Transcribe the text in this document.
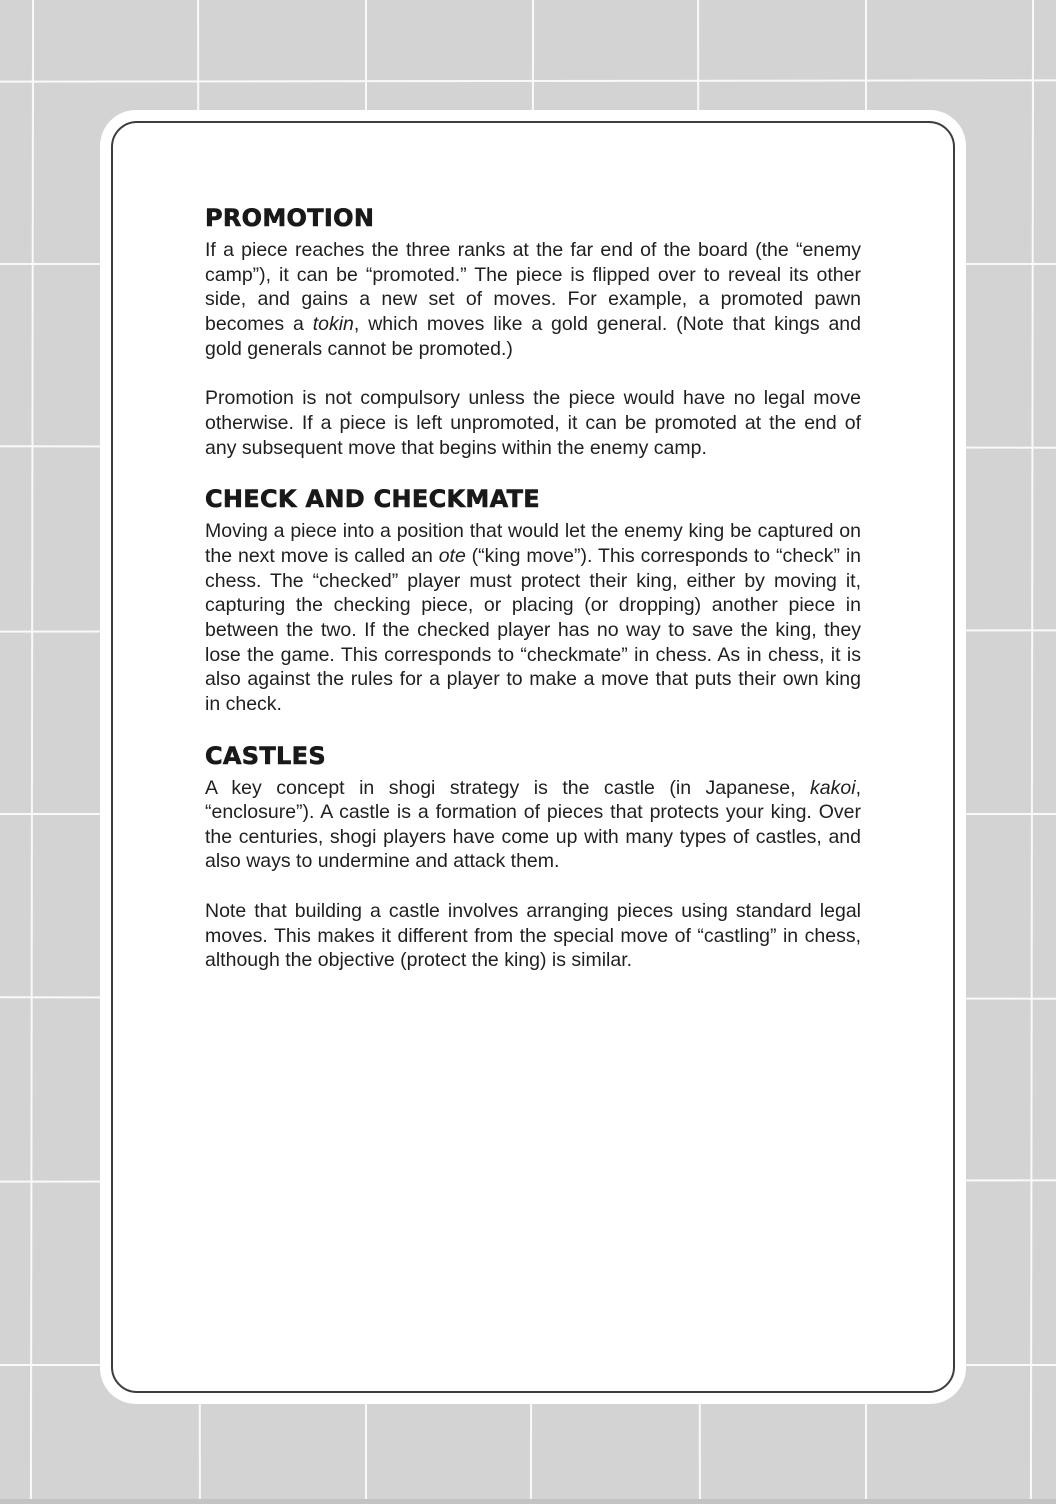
PROMOTION

If a piece reaches the three ranks at the far end of the board (the “enemy camp”), it can be “promoted.” The piece is flipped over to reveal its other side, and gains a new set of moves. For example, a promoted pawn becomes a tokin, which moves like a gold general. (Note that kings and gold generals cannot be promoted.)

Promotion is not compulsory unless the piece would have no legal move otherwise. If a piece is left unpromoted, it can be promoted at the end of any subsequent move that begins within the enemy camp.

CHECK AND CHECKMATE

Moving a piece into a position that would let the enemy king be captured on the next move is called an ote (“king move”). This corresponds to “check” in chess. The “checked” player must protect their king, either by moving it, capturing the checking piece, or placing (or dropping) another piece in between the two. If the checked player has no way to save the king, they lose the game. This corresponds to “checkmate” in chess. As in chess, it is also against the rules for a player to make a move that puts their own king in check.

CASTLES

A key concept in shogi strategy is the castle (in Japanese, kakoi, “enclosure”). A castle is a formation of pieces that protects your king. Over the centuries, shogi players have come up with many types of castles, and also ways to undermine and attack them.

Note that building a castle involves arranging pieces using standard legal moves. This makes it different from the special move of “castling” in chess, although the objective (protect the king) is similar.
